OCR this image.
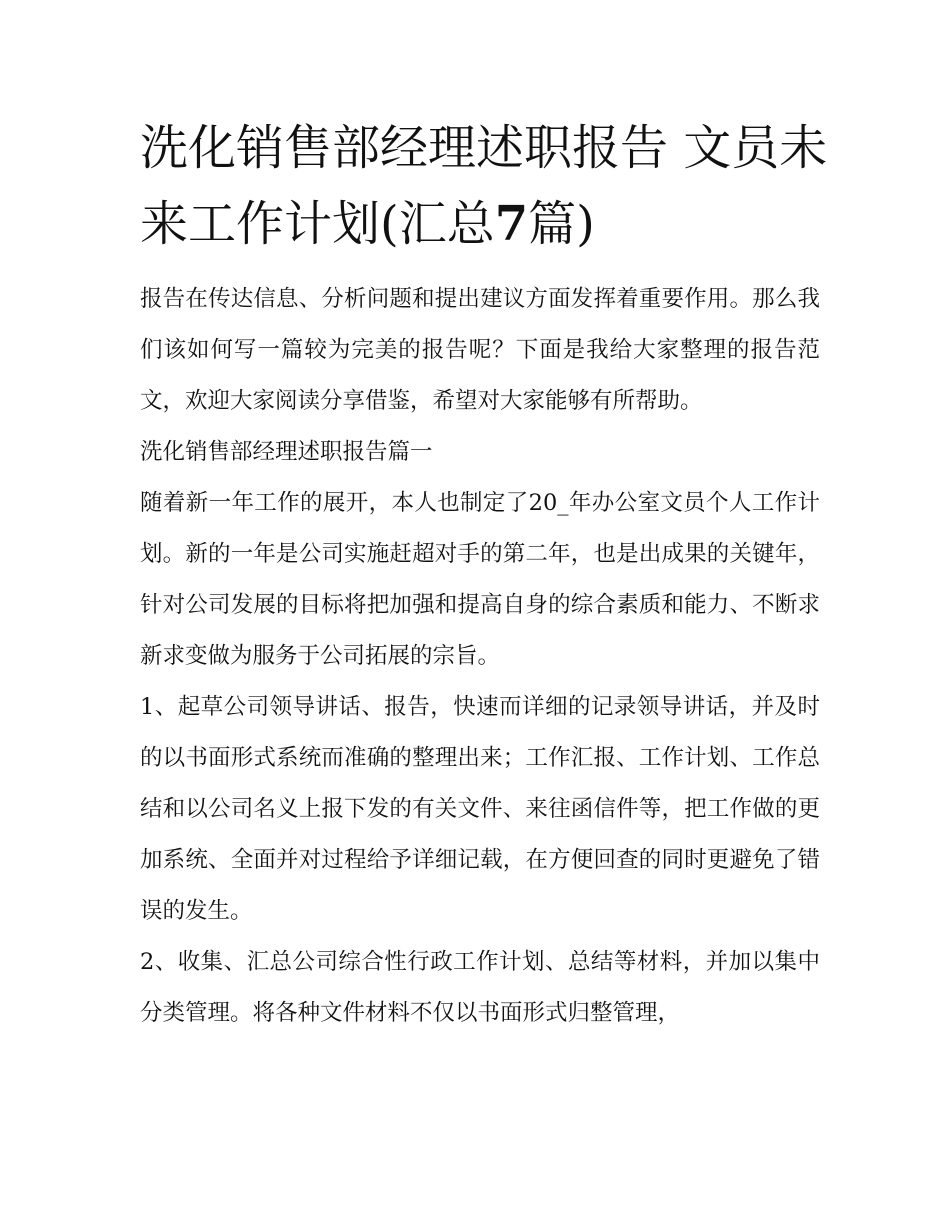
洗化销售部经理述职报告 文员未来工作计划(汇总7篇)

报告在传达信息、分析问题和提出建议方面发挥着重要作用。那么我们该如何写一篇较为完美的报告呢？下面是我给大家整理的报告范文，欢迎大家阅读分享借鉴，希望对大家能够有所帮助。

洗化销售部经理述职报告篇一

随着新一年工作的展开，本人也制定了20_年办公室文员个人工作计划。新的一年是公司实施赶超对手的第二年，也是出成果的关键年，针对公司发展的目标将把加强和提高自身的综合素质和能力、不断求新求变做为服务于公司拓展的宗旨。

1、起草公司领导讲话、报告，快速而详细的记录领导讲话，并及时的以书面形式系统而准确的整理出来；工作汇报、工作计划、工作总结和以公司名义上报下发的有关文件、来往函信件等，把工作做的更加系统、全面并对过程给予详细记载，在方便回查的同时更避免了错误的发生。

2、收集、汇总公司综合性行政工作计划、总结等材料，并加以集中分类管理。将各种文件材料不仅以书面形式归整管理，
